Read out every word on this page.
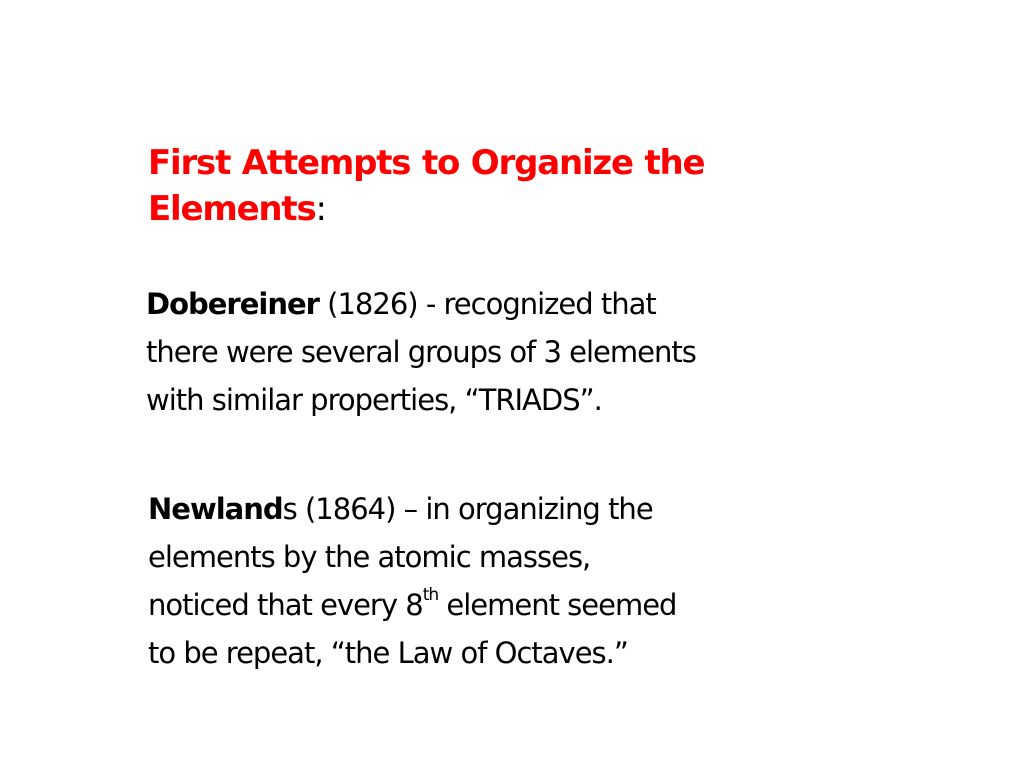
First Attempts to Organize the
Elements:
Dobereiner (1826) - recognized that
there were several groups of 3 elements
with similar properties, “TRIADS”.
Newlands (1864) – in organizing the
elements by the atomic masses,
noticed that every 8th element seemed
to be repeat, “the Law of Octaves.”
